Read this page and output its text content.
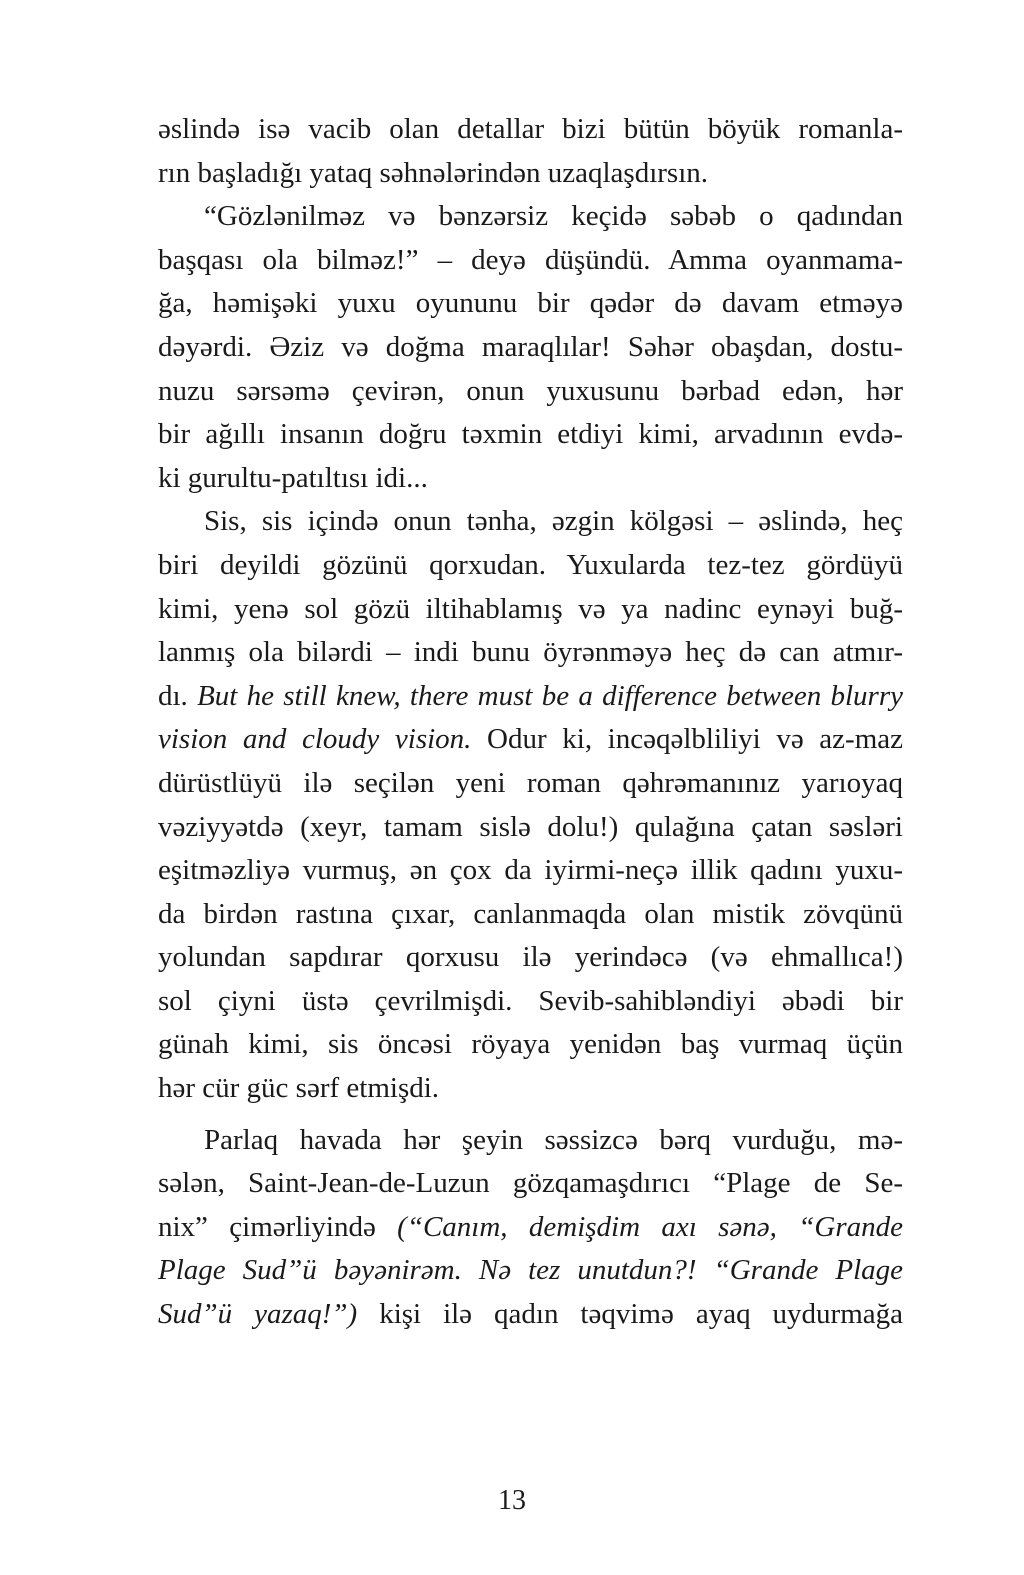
əslində isə vacib olan detallar bizi bütün böyük romanla-
rın başladığı yataq səhnələrindən uzaqlaşdırsın.
“Gözlənilməz və bənzərsiz keçidə səbəb o qadından
başqası ola bilməz!” – deyə düşündü. Amma oyanmama-
ğa, həmişəki yuxu oyununu bir qədər də davam etməyə
dəyərdi. Əziz və doğma maraqlılar! Səhər obaşdan, dostu-
nuzu sərsəmə çevirən, onun yuxusunu bərbad edən, hər
bir ağıllı insanın doğru təxmin etdiyi kimi, arvadının evdə-
ki gurultu-patıltısı idi...
Sis, sis içində onun tənha, əzgin kölgəsi – əslində, heç
biri deyildi gözünü qorxudan. Yuxularda tez-tez gördüyü
kimi, yenə sol gözü iltihablamış və ya nadinc eynəyi buğ-
lanmış ola bilərdi – indi bunu öyrənməyə heç də can atmır-
dı. But he still knew, there must be a difference between blurry
vision and cloudy vision. Odur ki, incəqəlbliliyi və az-maz
dürüstlüyü ilə seçilən yeni roman qəhrəmanınız yarıoyaq
vəziyyətdə (xeyr, tamam sislə dolu!) qulağına çatan səsləri
eşitməzliyə vurmuş, ən çox da iyirmi-neçə illik qadını yuxu-
da birdən rastına çıxar, canlanmaqda olan mistik zövqünü
yolundan sapdırar qorxusu ilə yerindəcə (və ehmallıca!)
sol çiyni üstə çevrilmişdi. Sevib-sahibləndiyi əbədi bir
günah kimi, sis öncəsi röyaya yenidən baş vurmaq üçün
hər cür güc sərf etmişdi.
Parlaq havada hər şeyin səssizcə bərq vurduğu, mə-
sələn, Saint-Jean-de-Luzun gözqamaşdırıcı “Plage de Se-
nix” çimərliyində (“Canım, demişdim axı sənə, “Grande
Plage Sud”ü bəyənirəm. Nə tez unutdun?! “Grande Plage
Sud”ü yazaq!”) kişi ilə qadın təqvimə ayaq uydurmağa
13
